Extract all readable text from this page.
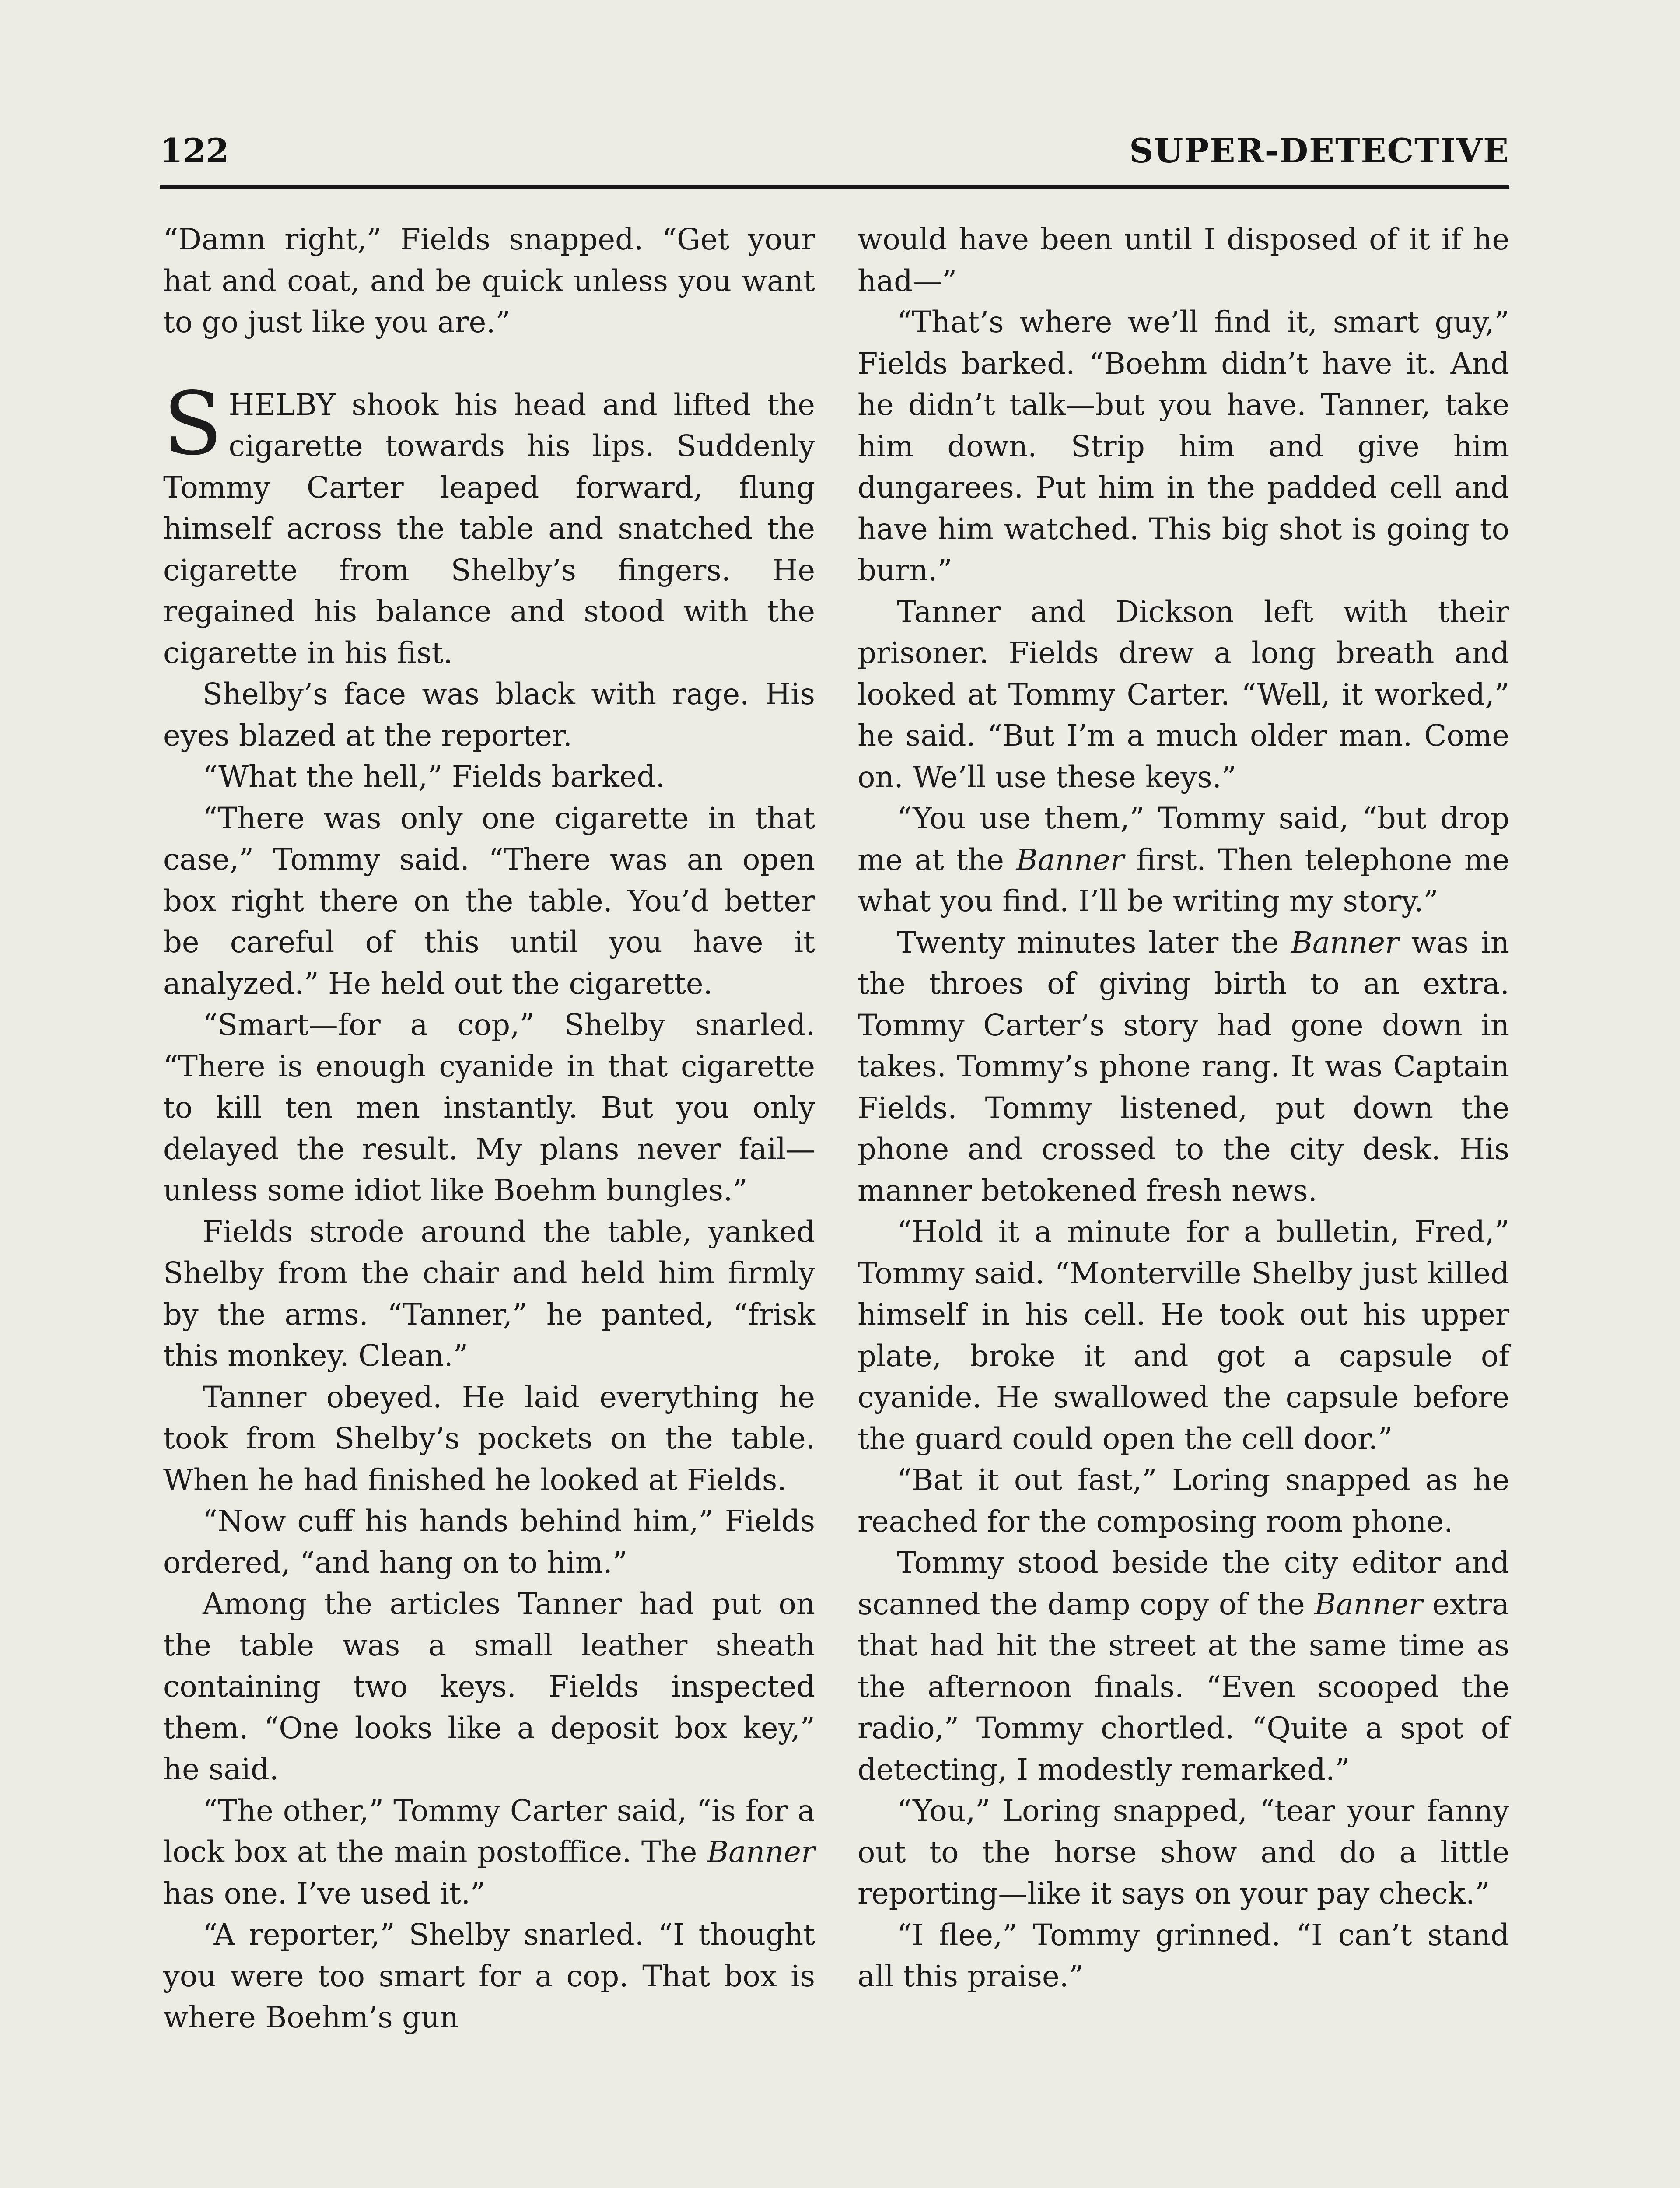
122	SUPER-DETECTIVE

“Damn right,” Fields snapped. “Get your hat and coat, and be quick unless you want to go just like you are.”

SHELBY shook his head and lifted the cigarette towards his lips. Suddenly Tommy Carter leaped forward, flung himself across the table and snatched the cigarette from Shelby’s fingers. He regained his balance and stood with the cigarette in his fist.

Shelby’s face was black with rage. His eyes blazed at the reporter.

“What the hell,” Fields barked.

“There was only one cigarette in that case,” Tommy said. “There was an open box right there on the table. You’d better be careful of this until you have it analyzed.” He held out the cigarette.

“Smart—for a cop,” Shelby snarled. “There is enough cyanide in that cigarette to kill ten men instantly. But you only delayed the result. My plans never fail—unless some idiot like Boehm bungles.”

Fields strode around the table, yanked Shelby from the chair and held him firmly by the arms. “Tanner,” he panted, “frisk this monkey. Clean.”

Tanner obeyed. He laid everything he took from Shelby’s pockets on the table. When he had finished he looked at Fields.

“Now cuff his hands behind him,” Fields ordered, “and hang on to him.”

Among the articles Tanner had put on the table was a small leather sheath containing two keys. Fields inspected them. “One looks like a deposit box key,” he said.

“The other,” Tommy Carter said, “is for a lock box at the main postoffice. The Banner has one. I’ve used it.”

“A reporter,” Shelby snarled. “I thought you were too smart for a cop. That box is where Boehm’s gun

would have been until I disposed of it if he had—”

“That’s where we’ll find it, smart guy,” Fields barked. “Boehm didn’t have it. And he didn’t talk—but you have. Tanner, take him down. Strip him and give him dungarees. Put him in the padded cell and have him watched. This big shot is going to burn.”

Tanner and Dickson left with their prisoner. Fields drew a long breath and looked at Tommy Carter. “Well, it worked,” he said. “But I’m a much older man. Come on. We’ll use these keys.”

“You use them,” Tommy said, “but drop me at the Banner first. Then telephone me what you find. I’ll be writing my story.”

Twenty minutes later the Banner was in the throes of giving birth to an extra. Tommy Carter’s story had gone down in takes. Tommy’s phone rang. It was Captain Fields. Tommy listened, put down the phone and crossed to the city desk. His manner betokened fresh news.

“Hold it a minute for a bulletin, Fred,” Tommy said. “Monterville Shelby just killed himself in his cell. He took out his upper plate, broke it and got a capsule of cyanide. He swallowed the capsule before the guard could open the cell door.”

“Bat it out fast,” Loring snapped as he reached for the composing room phone.

Tommy stood beside the city editor and scanned the damp copy of the Banner extra that had hit the street at the same time as the afternoon finals. “Even scooped the radio,” Tommy chortled. “Quite a spot of detecting, I modestly remarked.”

“You,” Loring snapped, “tear your fanny out to the horse show and do a little reporting—like it says on your pay check.”

“I flee,” Tommy grinned. “I can’t stand all this praise.”
